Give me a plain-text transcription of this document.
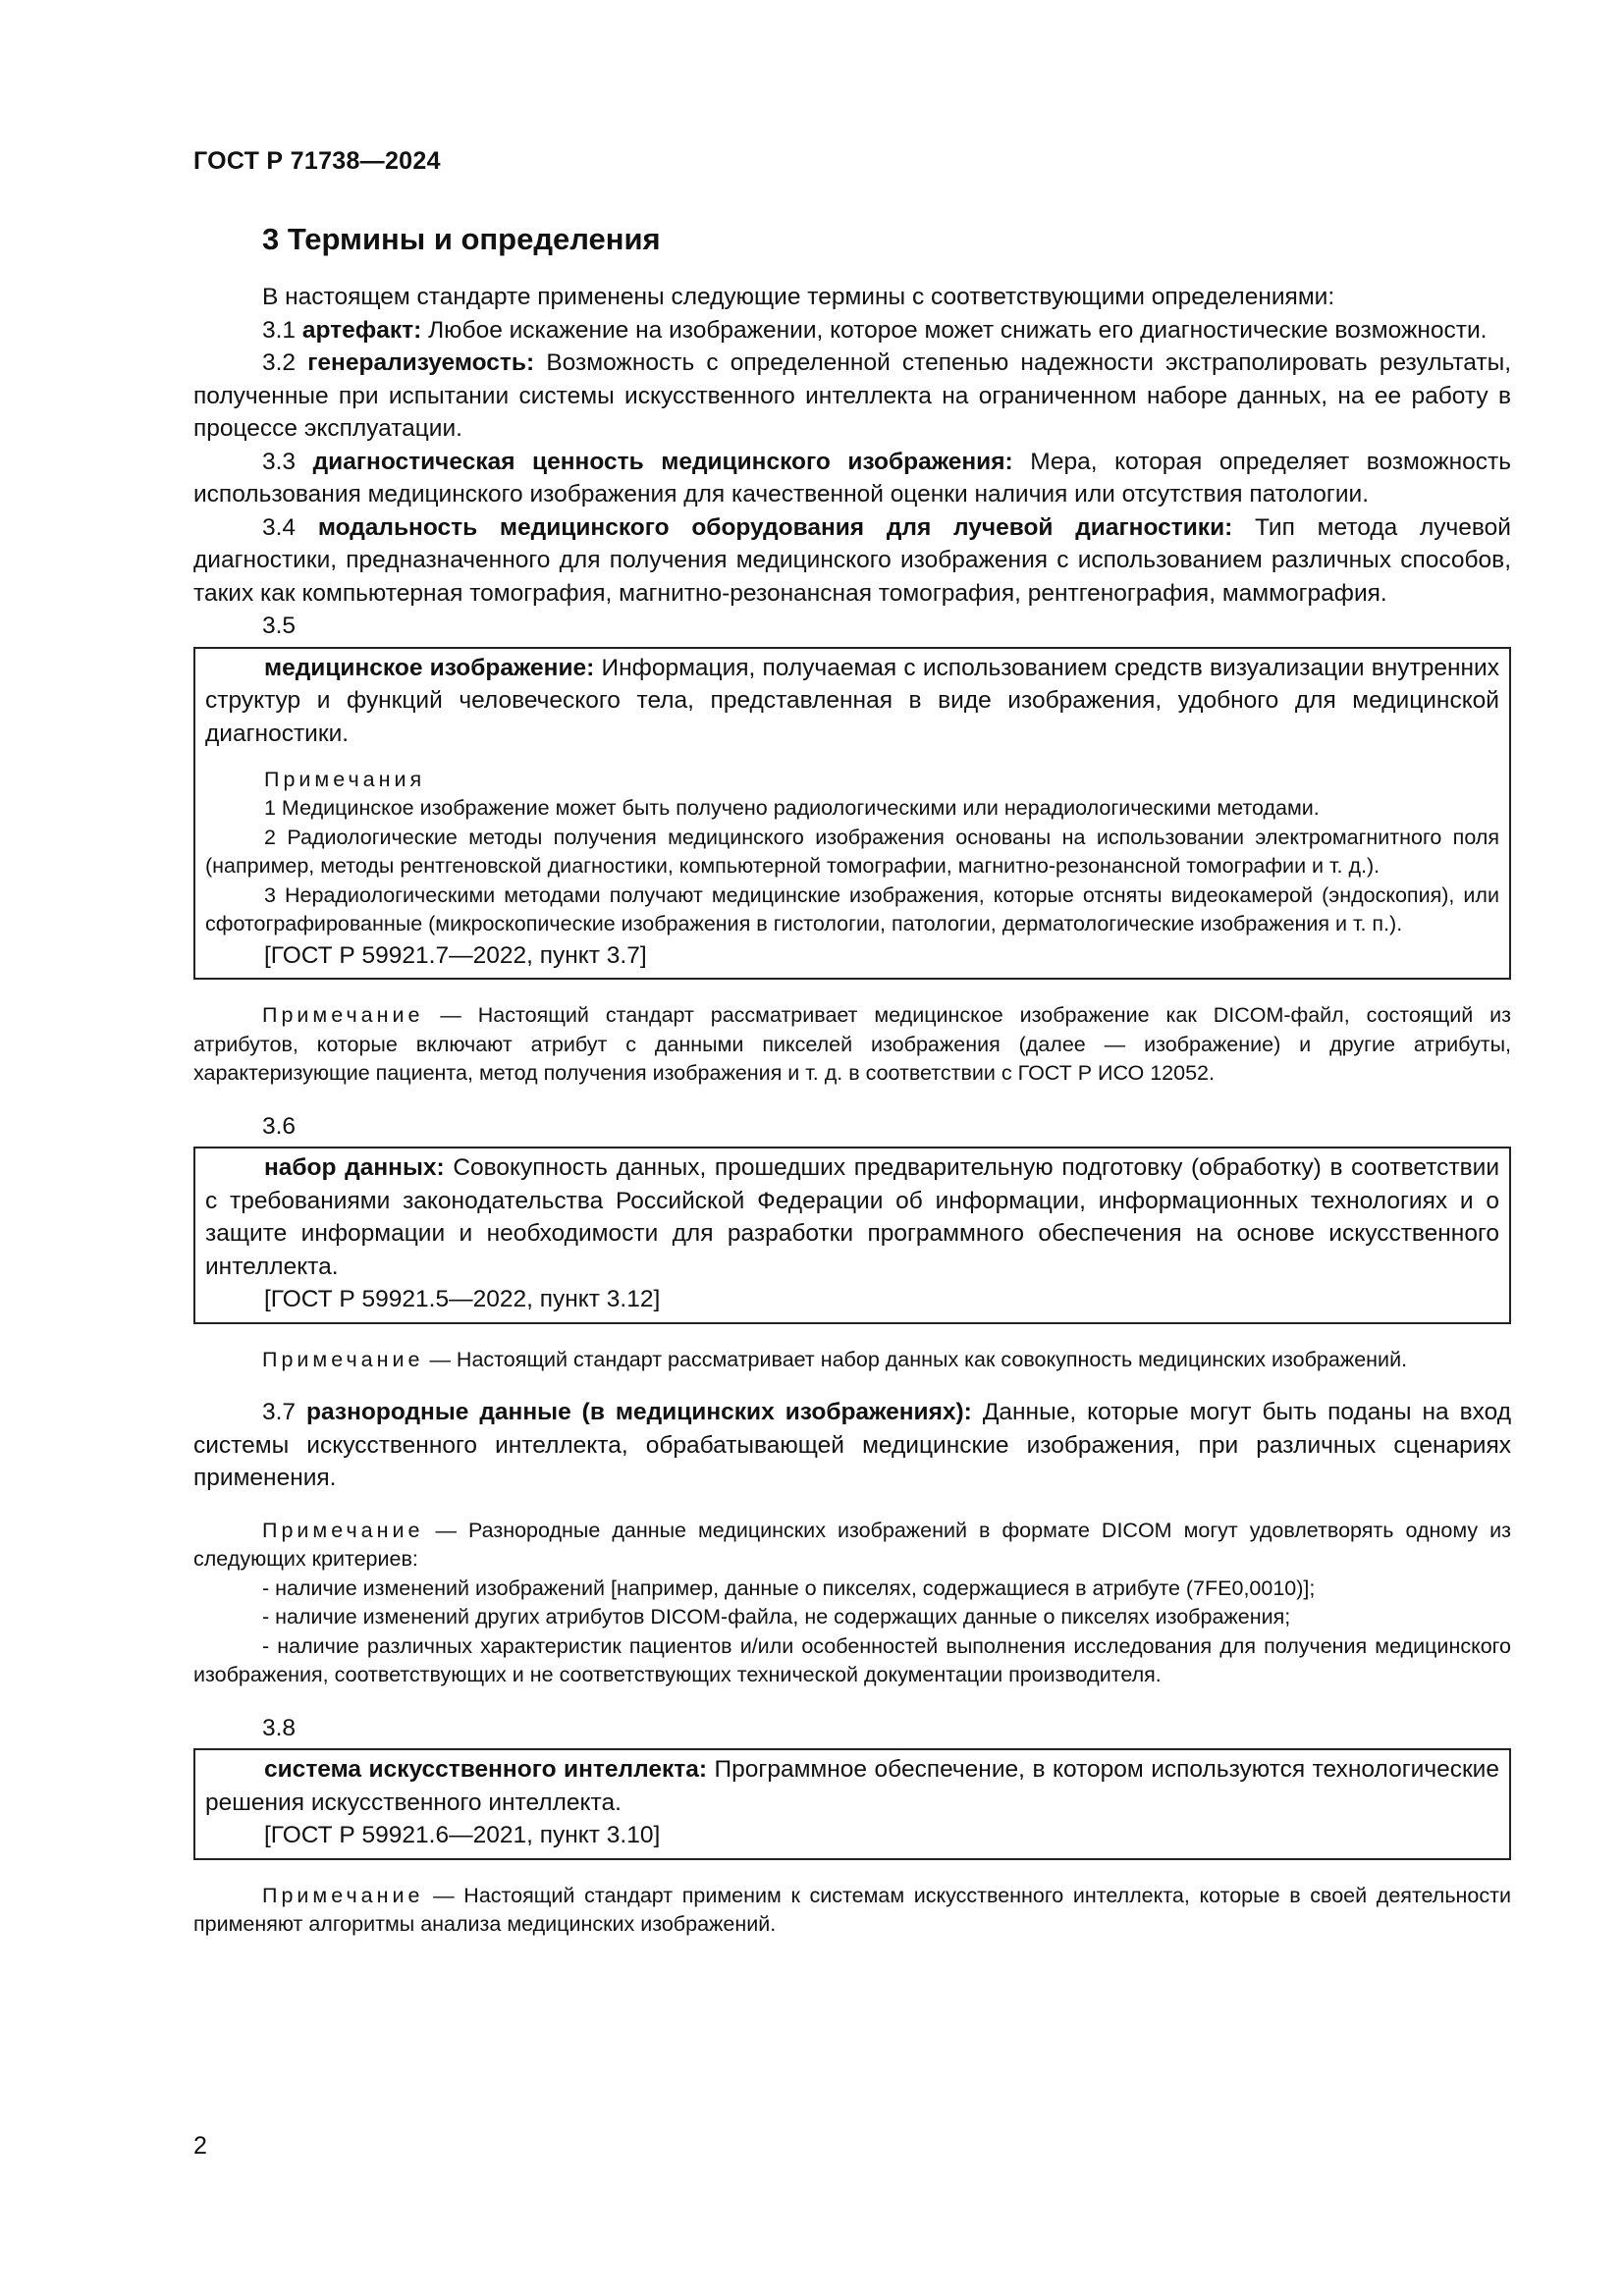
ГОСТ Р 71738—2024
3 Термины и определения

В настоящем стандарте применены следующие термины с соответствующими определениями:

3.1 артефакт: Любое искажение на изображении, которое может снижать его диагностические возможности.

3.2 генерализуемость: Возможность с определенной степенью надежности экстраполировать результаты, полученные при испытании системы искусственного интеллекта на ограниченном наборе данных, на ее работу в процессе эксплуатации.

3.3 диагностическая ценность медицинского изображения: Мера, которая определяет возможность использования медицинского изображения для качественной оценки наличия или отсутствия патологии.

3.4 модальность медицинского оборудования для лучевой диагностики: Тип метода лучевой диагностики, предназначенного для получения медицинского изображения с использованием различных способов, таких как компьютерная томография, магнитно-резонансная томография, рентгенография, маммография.

3.5

медицинское изображение: Информация, получаемая с использованием средств визуализации внутренних структур и функций человеческого тела, представленная в виде изображения, удобного для медицинской диагностики.

Примечания

1 Медицинское изображение может быть получено радиологическими или нерадиологическими методами.

2 Радиологические методы получения медицинского изображения основаны на использовании электромагнитного поля (например, методы рентгеновской диагностики, компьютерной томографии, магнитно-резонансной томографии и т. д.).

3 Нерадиологическими методами получают медицинские изображения, которые отсняты видеокамерой (эндоскопия), или сфотографированные (микроскопические изображения в гистологии, патологии, дерматологические изображения и т. п.).

[ГОСТ Р 59921.7—2022, пункт 3.7]

Примечание — Настоящий стандарт рассматривает медицинское изображение как DICOM-файл, состоящий из атрибутов, которые включают атрибут с данными пикселей изображения (далее — изображение) и другие атрибуты, характеризующие пациента, метод получения изображения и т. д. в соответствии с ГОСТ Р ИСО 12052.

3.6

набор данных: Совокупность данных, прошедших предварительную подготовку (обработку) в соответствии с требованиями законодательства Российской Федерации об информации, информационных технологиях и о защите информации и необходимости для разработки программного обеспечения на основе искусственного интеллекта.

[ГОСТ Р 59921.5—2022, пункт 3.12]

Примечание — Настоящий стандарт рассматривает набор данных как совокупность медицинских изображений.

3.7 разнородные данные (в медицинских изображениях): Данные, которые могут быть поданы на вход системы искусственного интеллекта, обрабатывающей медицинские изображения, при различных сценариях применения.

Примечание — Разнородные данные медицинских изображений в формате DICOM могут удовлетворять одному из следующих критериев:

- наличие изменений изображений [например, данные о пикселях, содержащиеся в атрибуте (7FE0,0010)];

- наличие изменений других атрибутов DICOM-файла, не содержащих данные о пикселях изображения;

- наличие различных характеристик пациентов и/или особенностей выполнения исследования для получения медицинского изображения, соответствующих и не соответствующих технической документации производителя.

3.8

система искусственного интеллекта: Программное обеспечение, в котором используются технологические решения искусственного интеллекта.

[ГОСТ Р 59921.6—2021, пункт 3.10]

Примечание — Настоящий стандарт применим к системам искусственного интеллекта, которые в своей деятельности применяют алгоритмы анализа медицинских изображений.

2
